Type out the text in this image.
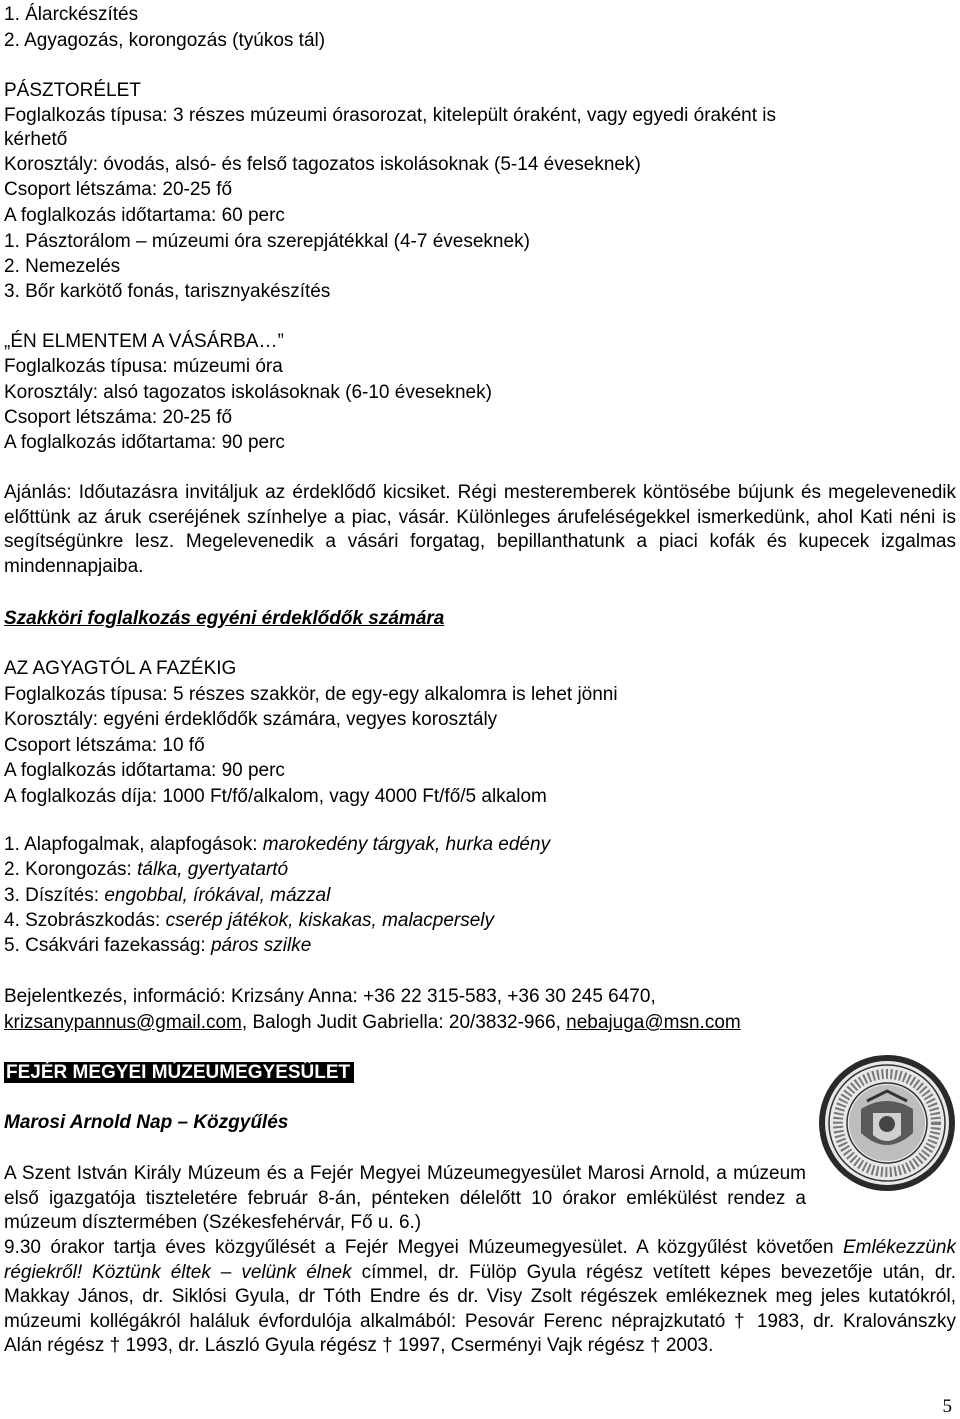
1. Álarckészítés
2. Agyagozás, korongozás (tyúkos tál)
PÁSZTORÉLET
Foglalkozás típusa: 3 részes múzeumi órasorozat, kitelepült óraként, vagy egyedi óraként is
kérhető
Korosztály: óvodás, alsó- és felső tagozatos iskolásoknak (5-14 éveseknek)
Csoport létszáma: 20-25 fő
A foglalkozás időtartama: 60 perc
1. Pásztorálom – múzeumi óra szerepjátékkal (4-7 éveseknek)
2. Nemezelés
3. Bőr karkötő fonás, tarisznyakészítés
„ÉN ELMENTEM A VÁSÁRBA…”
Foglalkozás típusa: múzeumi óra
Korosztály: alsó tagozatos iskolásoknak (6-10 éveseknek)
Csoport létszáma: 20-25 fő
A foglalkozás időtartama: 90 perc
Ajánlás: Időutazásra invitáljuk az érdeklődő kicsiket. Régi mesteremberek köntösébe bújunk és megelevenedik előttünk az áruk cseréjének színhelye a piac, vásár. Különleges árufeléségekkel ismerkedünk, ahol Kati néni is segítségünkre lesz. Megelevenedik a vásári forgatag, bepillanthatunk a piaci kofák és kupecek izgalmas mindennapjaiba.
Szakköri foglalkozás egyéni érdeklődők számára
AZ AGYAGTÓL A FAZÉKIG
Foglalkozás típusa: 5 részes szakkör, de egy-egy alkalomra is lehet jönni
Korosztály: egyéni érdeklődők számára, vegyes korosztály
Csoport létszáma: 10 fő
A foglalkozás időtartama: 90 perc
A foglalkozás díja: 1000 Ft/fő/alkalom, vagy 4000 Ft/fő/5 alkalom
1. Alapfogalmak, alapfogások: marokedény tárgyak, hurka edény
2. Korongozás: tálka, gyertyatartó
3. Díszítés: engobbal, írókával, mázzal
4. Szobrászkodás: cserép játékok, kiskakas, malacpersely
5. Csákvári fazekasság: páros szilke
Bejelentkezés, információ: Krizsány Anna: +36 22 315-583, +36 30 245 6470,
krizsanypannus@gmail.com, Balogh Judit Gabriella: 20/3832-966, nebajuga@msn.com
FEJÉR MEGYEI MÚZEUMEGYESÜLET
Marosi Arnold Nap – Közgyűlés
A Szent István Király Múzeum és a Fejér Megyei Múzeumegyesület Marosi Arnold, a múzeum első igazgatója tiszteletére február 8-án, pénteken délelőtt 10 órakor emlékülést rendez a múzeum dísztermében (Székesfehérvár, Fő u. 6.)
9.30 órakor tartja éves közgyűlését a Fejér Megyei Múzeumegyesület. A közgyűlést követően Emlékezzünk régiekről! Köztünk éltek – velünk élnek címmel, dr. Fülöp Gyula régész vetített képes bevezetője után, dr. Makkay János, dr. Siklósi Gyula, dr Tóth Endre és dr. Visy Zsolt régészek emlékeznek meg jeles kutatókról, múzeumi kollégákról haláluk évfordulója alkalmából: Pesovár Ferenc néprajzkutató † 1983, dr. Kralovánszky Alán régész † 1993, dr. László Gyula régész † 1997, Cserményi Vajk régész † 2003.
5
